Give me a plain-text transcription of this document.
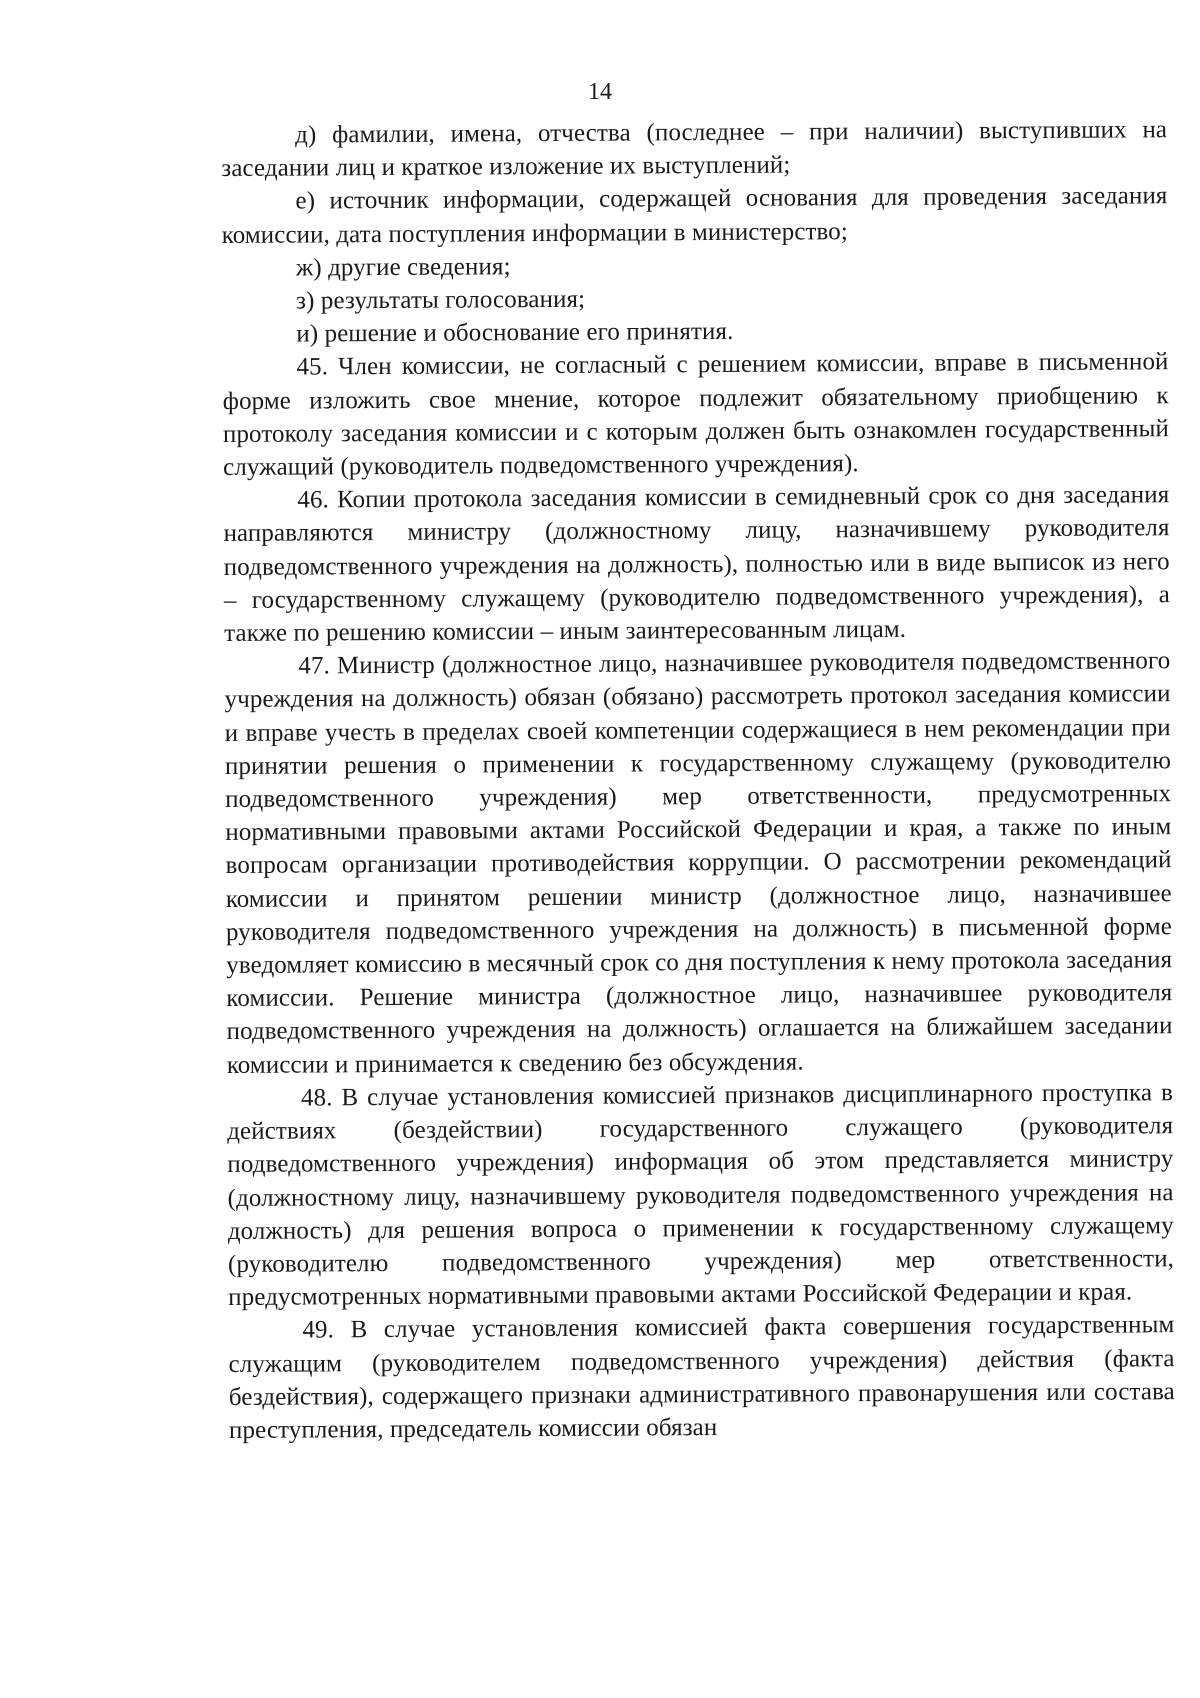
14

д) фамилии, имена, отчества (последнее – при наличии) выступивших на заседании лиц и краткое изложение их выступлений;

е) источник информации, содержащей основания для проведения заседания комиссии, дата поступления информации в министерство;

ж) другие сведения;

з) результаты голосования;

и) решение и обоснование его принятия.

45. Член комиссии, не согласный с решением комиссии, вправе в письменной форме изложить свое мнение, которое подлежит обязательному приобщению к протоколу заседания комиссии и с которым должен быть ознакомлен государственный служащий (руководитель подведомственного учреждения).

46. Копии протокола заседания комиссии в семидневный срок со дня заседания направляются министру (должностному лицу, назначившему руководителя подведомственного учреждения на должность), полностью или в виде выписок из него – государственному служащему (руководителю подведомственного учреждения), а также по решению комиссии – иным заинтересованным лицам.

47. Министр (должностное лицо, назначившее руководителя подведомственного учреждения на должность) обязан (обязано) рассмотреть протокол заседания комиссии и вправе учесть в пределах своей компетенции содержащиеся в нем рекомендации при принятии решения о применении к государственному служащему (руководителю подведомственного учреждения) мер ответственности, предусмотренных нормативными правовыми актами Российской Федерации и края, а также по иным вопросам организации противодействия коррупции. О рассмотрении рекомендаций комиссии и принятом решении министр (должностное лицо, назначившее руководителя подведомственного учреждения на должность) в письменной форме уведомляет комиссию в месячный срок со дня поступления к нему протокола заседания комиссии. Решение министра (должностное лицо, назначившее руководителя подведомственного учреждения на должность) оглашается на ближайшем заседании комиссии и принимается к сведению без обсуждения.

48. В случае установления комиссией признаков дисциплинарного проступка в действиях (бездействии) государственного служащего (руководителя подведомственного учреждения) информация об этом представляется министру (должностному лицу, назначившему руководителя подведомственного учреждения на должность) для решения вопроса о применении к государственному служащему (руководителю подведомственного учреждения) мер ответственности, предусмотренных нормативными правовыми актами Российской Федерации и края.

49. В случае установления комиссией факта совершения государственным служащим (руководителем подведомственного учреждения) действия (факта бездействия), содержащего признаки административного правонарушения или состава преступления, председатель комиссии обязан
